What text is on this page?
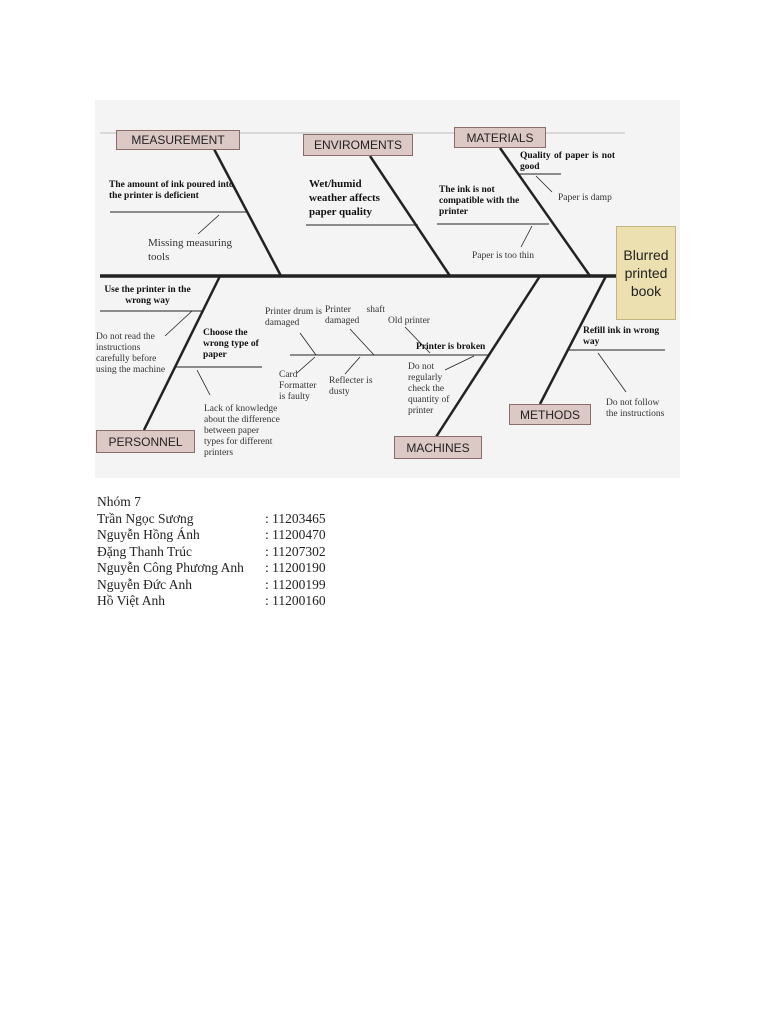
MEASUREMENT	ENVIROMENTS
MATERIALS
PERSONNEL	MACHINES
METHODS
Blurred printed book
The amount of ink poured into the printer is deficient
Missing measuring tools
Wet/humid weather affects paper quality
The ink is not compatible with the printer
Quality of paper is not good
Paper is damp
Paper is too thin
Use the printer in the wrong way
Do not read the instructions carefully before using the machine
Choose the wrong type of paper
Lack of knowledge about the difference between paper types for different printers
Printer drum is damaged
Printer shaft damaged	Old printer
Printer is broken
Card Formatter is faulty
Reflecter is dusty
Do not regularly check the quantity of printer
Refill ink in wrong way
Do not follow the instructions
Nhóm 7
Trần Ngọc Sương	: 11203465
Nguyễn Hồng Ánh	: 11200470
Đặng Thanh Trúc	: 11207302
Nguyễn Công Phương Anh : 11200190
Nguyễn Đức Anh	: 11200199
Hồ Việt Anh	: 11200160
